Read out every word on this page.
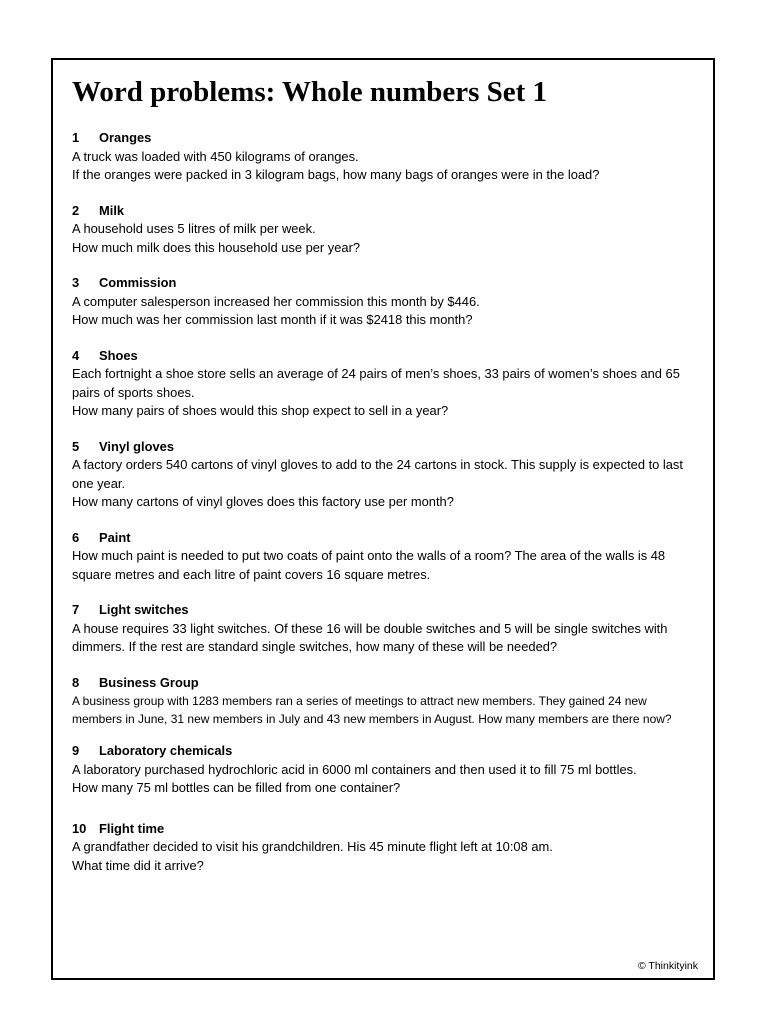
Word problems: Whole numbers Set 1
1	Oranges

A truck was loaded with 450 kilograms of oranges.

If the oranges were packed in 3 kilogram bags, how many bags of oranges were in the load?

2	Milk

A household uses 5 litres of milk per week.

How much milk does this household use per year?

3	Commission

A computer salesperson increased her commission this month by $446.

How much was her commission last month if it was $2418 this month?

4	Shoes

Each fortnight a shoe store sells an average of 24 pairs of men’s shoes, 33 pairs of women’s shoes and 65 pairs of sports shoes.

How many pairs of shoes would this shop expect to sell in a year?

5	Vinyl gloves

A factory orders 540 cartons of vinyl gloves to add to the 24 cartons in stock. This supply is expected to last one year.

How many cartons of vinyl gloves does this factory use per month?

6	Paint

How much paint is needed to put two coats of paint onto the walls of a room? The area of the walls is 48 square metres and each litre of paint covers 16 square metres.

7	Light switches

A house requires 33 light switches. Of these 16 will be double switches and 5 will be single switches with dimmers. If the rest are standard single switches, how many of these will be needed?

8	Business Group

A business group with 1283 members ran a series of meetings to attract new members. They gained 24 new members in June, 31 new members in July and 43 new members in August. How many members are there now?

9	Laboratory chemicals

A laboratory purchased hydrochloric acid in 6000 ml containers and then used it to fill 75 ml bottles.

How many 75 ml bottles can be filled from one container?

10 Flight time

A grandfather decided to visit his grandchildren. His 45 minute flight left at 10:08 am.

What time did it arrive?

© Thinkityink
